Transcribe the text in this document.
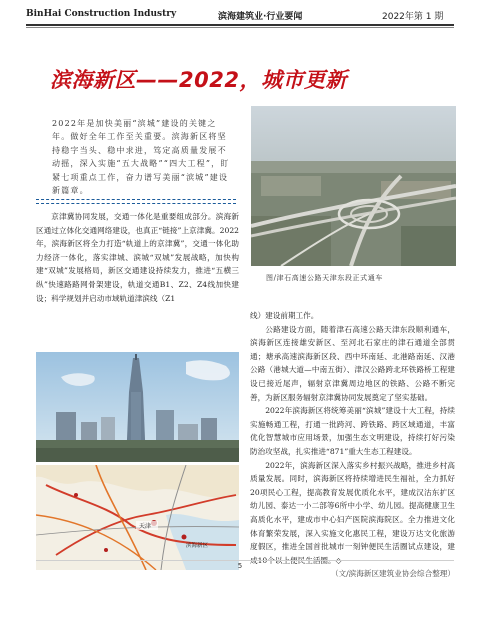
BinHai Construction Industry	滨海建筑业·行业要闻	2022年第 1 期
滨海新区——2022，城市更新
2022年是加快美丽“滨城”建设的关键之年。做好全年工作至关重要。滨海新区将坚持稳字当头、稳中求进，笃定高质量发展不动摇，深入实施“五大战略”“四大工程”，盯紧七项重点工作，奋力谱写美丽“滨城”建设新篇章。
京津冀协同发展，交通一体化是重要组成部分。滨海新区通过立体化交通网络建设，也真正“链接”上京津冀。2022年，滨海新区将全力打造“轨道上的京津冀”，交通一体化助力经济一体化，落实津城、滨城“双城”发展战略，加快构建“双城”发展格局，新区交通建设持续发力，推进“五横三纵”快速路路网骨架建设，轨道交通B1、Z2、Z4线加快建设；科学规划并启动市域轨道津滨线（Z1
图/津石高速公路天津东段正式通车
天津
滨海新区

线）建设前期工作。

公路建设方面，随着津石高速公路天津东段顺利通车，滨海新区连接雄安新区、至河北石家庄的津石通道全部贯通；塘承高速滨海新区段、西中环南延、北港路南延、汉港公路（港城大道—中南五街）、津汉公路跨北环铁路桥工程建设已接近尾声，辐射京津冀周边地区的铁路、公路不断完善，为新区服务辐射京津冀协同发展奠定了坚实基础。

2022年滨海新区将统筹美丽“滨城”建设十大工程，持续实施畅通工程，打通一批跨河、跨铁路、跨区域通道，丰富优化智慧城市应用场景，加强生态文明建设，持续打好污染防治攻坚战，扎实推进“871”重大生态工程建设。

2022年，滨海新区深入落实乡村振兴战略，推进乡村高质量发展。同时，滨海新区将持续增进民生福祉，全力抓好20项民心工程，提高教育发展优质化水平，建成汉沽东扩区幼儿园、泰达一小二部等6所中小学、幼儿园。提高健康卫生高质化水平，建成市中心妇产医院滨海院区。全力推进文化体育繁荣发展，深入实施文化惠民工程，建设万达文化旅游度假区，推进全国首批城市一刻钟便民生活圈试点建设，建

（文/滨海新区建筑业协会综合整理）

5
